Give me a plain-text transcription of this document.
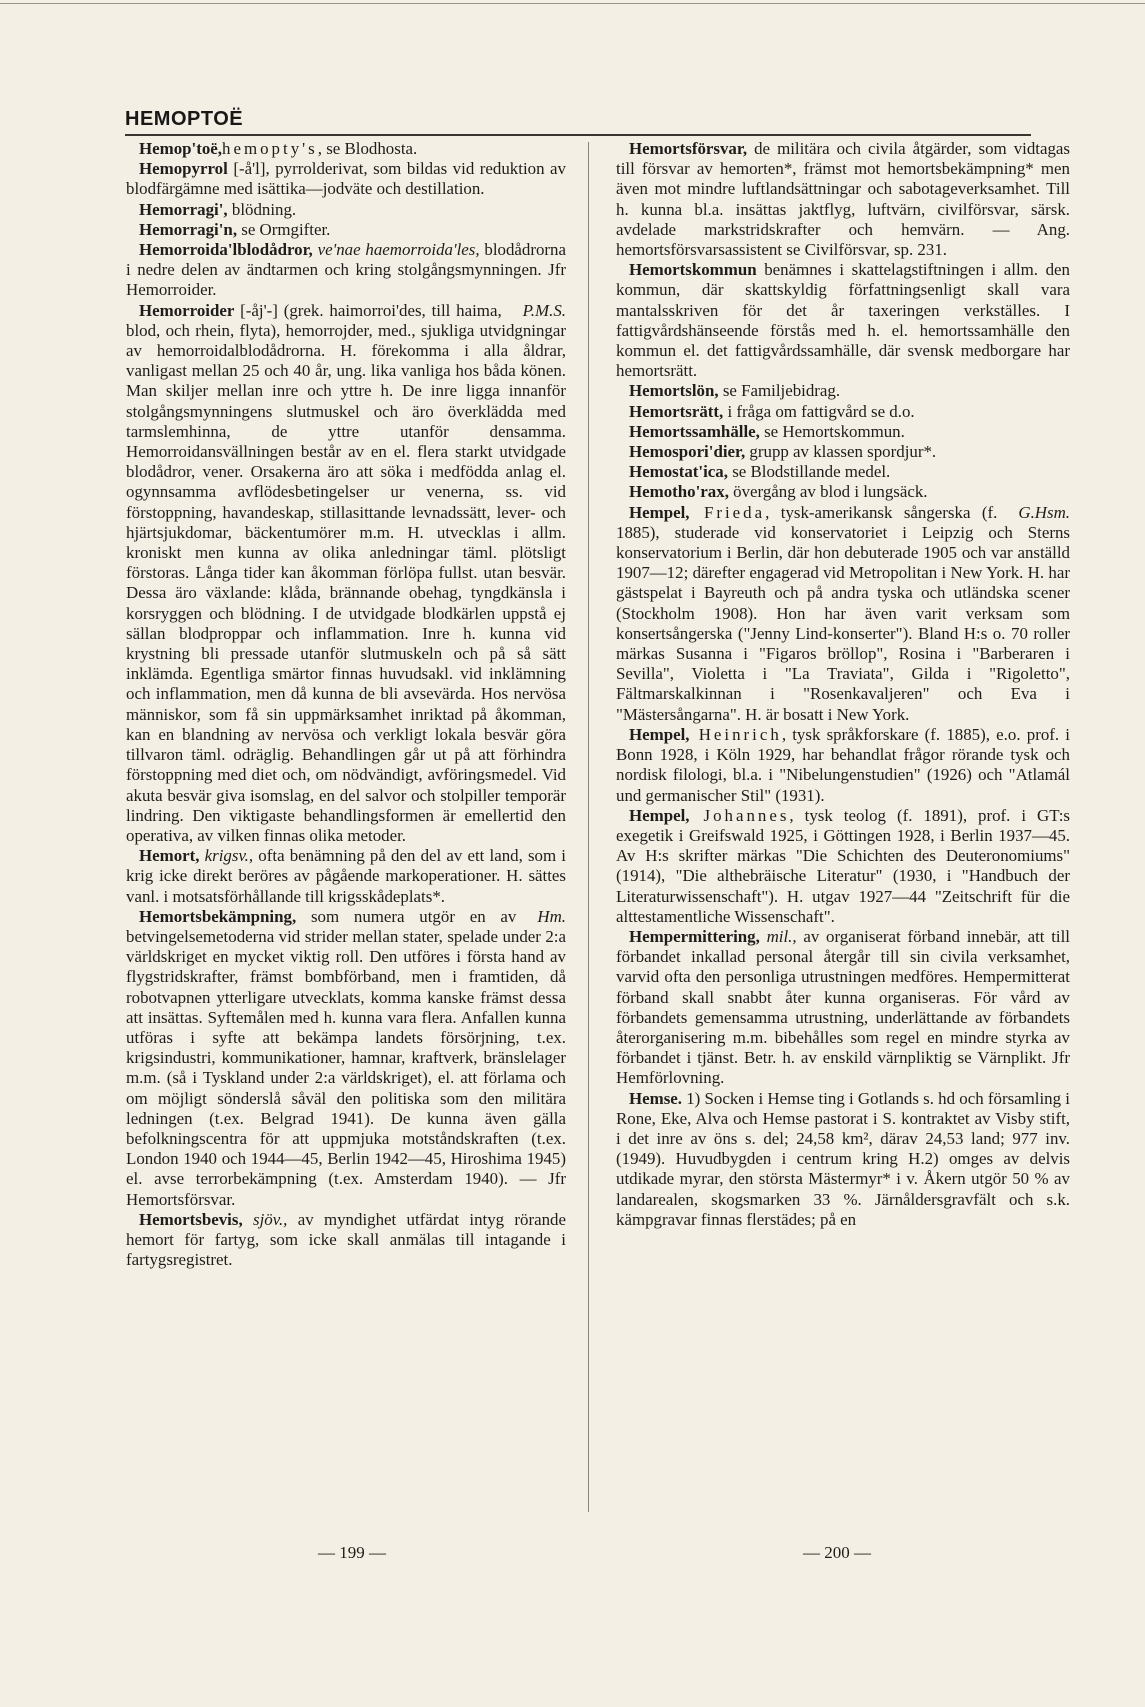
HEMOPTOË

Hemop'toë,hemoptу's, se Blodhosta.

Hemopyrrol [-å'l], pyrrolderivat, som bildas vid reduktion av blodfärgämne med isättika—jodväte och destillation.

Hemorragi', blödning.

Hemorragi'n, se Ormgifter.

Hemorroida'lblodådror, ve'nae haemorroida'les, blodådrorna i nedre delen av ändtarmen och kring stolgångsmynningen. Jfr Hemorroider.

P.M.S.
Hemorroider [-åj'-] (grek. haimorroi'des, till haima, blod, och rhein, flyta), hemorrojder, med., sjukliga utvidgningar av hemorroidalblodådrorna. H. förekomma i alla åldrar, vanligast mellan 25 och 40 år, ung. lika vanliga hos båda könen. Man skiljer mellan inre och yttre h. De inre ligga innanför stolgångsmynningens slutmuskel och äro överklädda med tarmslemhinna, de yttre utanför densamma. Hemorroidansvällningen består av en el. flera starkt utvidgade blodådror, vener. Orsakerna äro att söka i medfödda anlag el. ogynnsamma avflödesbetingelser ur venerna, ss. vid förstoppning, havandeskap, stillasittande levnadssätt, lever- och hjärtsjukdomar, bäckentumörer m.m. H. utvecklas i allm. kroniskt men kunna av olika anledningar täml. plötsligt förstoras. Långa tider kan åkomman förlöpa fullst. utan besvär. Dessa äro växlande: klåda, brännande obehag, tyngdkänsla i korsryggen och blödning. I de utvidgade blodkärlen uppstå ej sällan blodproppar och inflammation. Inre h. kunna vid krystning bli pressade utanför slutmuskeln och på så sätt inklämda. Egentliga smärtor finnas huvudsakl. vid inklämning och inflammation, men då kunna de bli avsevärda. Hos nervösa människor, som få sin uppmärksamhet inriktad på åkomman, kan en blandning av nervösa och verkligt lokala besvär göra tillvaron täml. odräglig. Behandlingen går ut på att förhindra förstoppning med diet och, om nödvändigt, avföringsmedel. Vid akuta besvär giva isomslag, en del salvor och stolpiller temporär lindring. Den viktigaste behandlingsformen är emellertid den operativa, av vilken finnas olika metoder.

Hemort, krigsv., ofta benämning på den del av ett land, som i krig icke direkt beröres av pågående markoperationer. H. sättes vanl. i motsatsförhållande till krigsskådeplats*.

Hm.
Hemortsbekämpning, som numera utgör en av betvingelsemetoderna vid strider mellan stater, spelade under 2:a världskriget en mycket viktig roll. Den utföres i första hand av flygstridskrafter, främst bombförband, men i framtiden, då robotvapnen ytterligare utvecklats, komma kanske främst dessa att insättas. Syftemålen med h. kunna vara flera. Anfallen kunna utföras i syfte att bekämpa landets försörjning, t.ex. krigsindustri, kommunikationer, hamnar, kraftverk, bränslelager m.m. (så i Tyskland under 2:a världskriget), el. att förlama och om möjligt sönderslå såväl den politiska som den militära ledningen (t.ex. Belgrad 1941). De kunna även gälla befolkningscentra för att uppmjuka motståndskraften (t.ex. London 1940 och 1944—45, Berlin 1942—45, Hiroshima 1945) el. avse terrorbekämpning (t.ex. Amsterdam 1940). — Jfr Hemortsförsvar.

Hemortsbevis, sjöv., av myndighet utfärdat intyg rörande hemort för fartyg, som icke skall anmälas till intagande i fartygsregistret.

Hemortsförsvar, de militära och civila åtgärder, som vidtagas till försvar av hemorten*, främst mot hemortsbekämpning* men även mot mindre luftlandsättningar och sabotageverksamhet. Till h. kunna bl.a. insättas jaktflyg, luftvärn, civilförsvar, särsk. avdelade markstridskrafter och hemvärn. — Ang. hemortsförsvarsassistent se Civilförsvar, sp. 231.

Hemortskommun benämnes i skattelagstiftningen i allm. den kommun, där skattskyldig författningsenligt skall vara mantalsskriven för det år taxeringen verkställes. I fattigvårdshänseende förstås med h. el. hemortssamhälle den kommun el. det fattigvårdssamhälle, där svensk medborgare har hemortsrätt.

Hemortslön, se Familjebidrag.

Hemortsrätt, i fråga om fattigvård se d.o.

Hemortssamhälle, se Hemortskommun.

Hemospori'dier, grupp av klassen spordjur*.

Hemostat'ica, se Blodstillande medel.

Hemotho'rax, övergång av blod i lungsäck.

G.Hsm.
Hempel, Frieda, tysk-amerikansk sångerska (f. 1885), studerade vid konservatoriet i Leipzig och Sterns konservatorium i Berlin, där hon debuterade 1905 och var anställd 1907—12; därefter engagerad vid Metropolitan i New York. H. har gästspelat i Bayreuth och på andra tyska och utländska scener (Stockholm 1908). Hon har även varit verksam som konsertsångerska ("Jenny Lind-konserter"). Bland H:s o. 70 roller märkas Susanna i "Figaros bröllop", Rosina i "Barberaren i Sevilla", Violetta i "La Traviata", Gilda i "Rigoletto", Fältmarskalkinnan i "Rosenkavaljeren" och Eva i "Mästersångarna". H. är bosatt i New York.

Hempel, Heinrich, tysk språkforskare (f. 1885), e.o. prof. i Bonn 1928, i Köln 1929, har behandlat frågor rörande tysk och nordisk filologi, bl.a. i "Nibelungenstudien" (1926) och "Atlamál und germanischer Stil" (1931).

Hempel, Johannes, tysk teolog (f. 1891), prof. i GT:s exegetik i Greifswald 1925, i Göttingen 1928, i Berlin 1937—45. Av H:s skrifter märkas "Die Schichten des Deuteronomiums" (1914), "Die althebräische Literatur" (1930, i "Handbuch der Literaturwissenschaft"). H. utgav 1927—44 "Zeitschrift für die alttestamentliche Wissenschaft".

Hempermittering, mil., av organiserat förband innebär, att till förbandet inkallad personal återgår till sin civila verksamhet, varvid ofta den personliga utrustningen medföres. Hempermitterat förband skall snabbt åter kunna organiseras. För vård av förbandets gemensamma utrustning, underlättande av förbandets återorganisering m.m. bibehålles som regel en mindre styrka av förbandet i tjänst. Betr. h. av enskild värnpliktig se Värnplikt. Jfr Hemförlovning.

Hemse. 1) Socken i Hemse ting i Gotlands s. hd och församling i Rone, Eke, Alva och Hemse pastorat i S. kontraktet av Visby stift, i det inre av öns s. del; 24,58 km², därav 24,53 land; 977 inv. (1949). Huvudbygden i centrum kring H.2) omges av delvis utdikade myrar, den största Mästermyr* i v. Åkern utgör 50 % av landarealen, skogsmarken 33 %. Järnåldersgravfält och s.k. kämpgravar finnas flerstädes; på en

— 199 —	— 200 —
